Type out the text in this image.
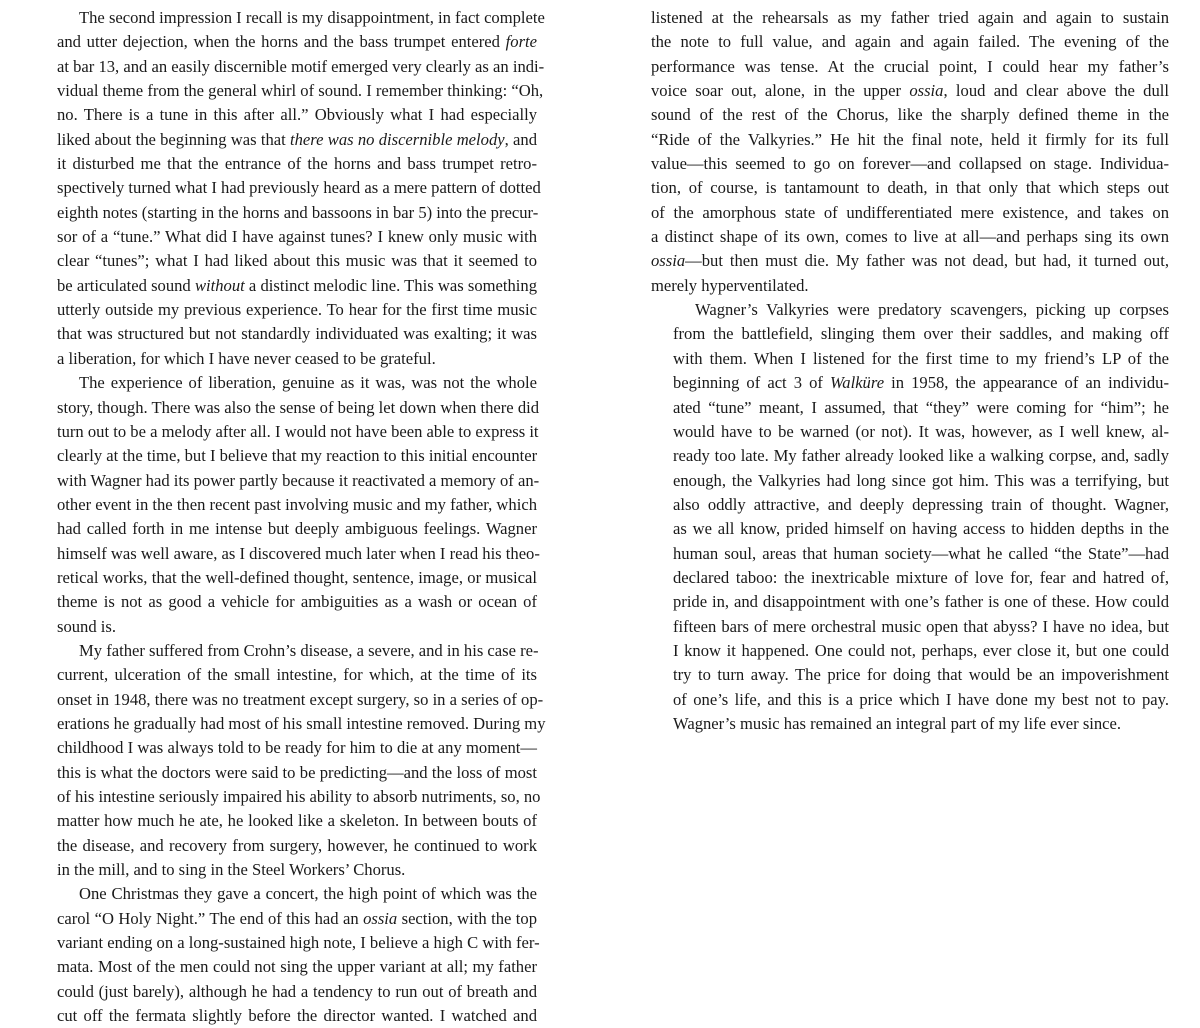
The second impression I recall is my disappointment, in fact complete
and utter dejection, when the horns and the bass trumpet entered forte
at bar 13, and an easily discernible motif emerged very clearly as an indi-
vidual theme from the general whirl of sound. I remember thinking: “Oh,
no. There is a tune in this after all.” Obviously what I had especially
liked about the beginning was that there was no discernible melody, and
it disturbed me that the entrance of the horns and bass trumpet retro-
spectively turned what I had previously heard as a mere pattern of dotted
eighth notes (starting in the horns and bassoons in bar 5) into the precur-
sor of a “tune.” What did I have against tunes? I knew only music with
clear “tunes”; what I had liked about this music was that it seemed to
be articulated sound without a distinct melodic line. This was something
utterly outside my previous experience. To hear for the first time music
that was structured but not standardly individuated was exalting; it was
a liberation, for which I have never ceased to be grateful.

The experience of liberation, genuine as it was, was not the whole
story, though. There was also the sense of being let down when there did
turn out to be a melody after all. I would not have been able to express it
clearly at the time, but I believe that my reaction to this initial encounter
with Wagner had its power partly because it reactivated a memory of an-
other event in the then recent past involving music and my father, which
had called forth in me intense but deeply ambiguous feelings. Wagner
himself was well aware, as I discovered much later when I read his theo-
retical works, that the well-defined thought, sentence, image, or musical
theme is not as good a vehicle for ambiguities as a wash or ocean of
sound is.

My father suffered from Crohn’s disease, a severe, and in his case re-
current, ulceration of the small intestine, for which, at the time of its
onset in 1948, there was no treatment except surgery, so in a series of op-
erations he gradually had most of his small intestine removed. During my
childhood I was always told to be ready for him to die at any moment—
this is what the doctors were said to be predicting—and the loss of most
of his intestine seriously impaired his ability to absorb nutriments, so, no
matter how much he ate, he looked like a skeleton. In between bouts of
the disease, and recovery from surgery, however, he continued to work
in the mill, and to sing in the Steel Workers’ Chorus.

One Christmas they gave a concert, the high point of which was the
carol “O Holy Night.” The end of this had an ossia section, with the top
variant ending on a long-sustained high note, I believe a high C with fer-
mata. Most of the men could not sing the upper variant at all; my father
could (just barely), although he had a tendency to run out of breath and
cut off the fermata slightly before the director wanted. I watched and

listened at the rehearsals as my father tried again and again to sustain
the note to full value, and again and again failed. The evening of the
performance was tense. At the crucial point, I could hear my father’s
voice soar out, alone, in the upper ossia, loud and clear above the dull
sound of the rest of the Chorus, like the sharply defined theme in the
“Ride of the Valkyries.” He hit the final note, held it firmly for its full
value—this seemed to go on forever—and collapsed on stage. Individua-
tion, of course, is tantamount to death, in that only that which steps out
of the amorphous state of undifferentiated mere existence, and takes on
a distinct shape of its own, comes to live at all—and perhaps sing its own
ossia—but then must die. My father was not dead, but had, it turned out,
merely hyperventilated.

Wagner’s Valkyries were predatory scavengers, picking up corpses
from the battlefield, slinging them over their saddles, and making off
with them. When I listened for the first time to my friend’s LP of the
beginning of act 3 of Walküre in 1958, the appearance of an individu-
ated “tune” meant, I assumed, that “they” were coming for “him”; he
would have to be warned (or not). It was, however, as I well knew, al-
ready too late. My father already looked like a walking corpse, and, sadly
enough, the Valkyries had long since got him. This was a terrifying, but
also oddly attractive, and deeply depressing train of thought. Wagner,
as we all know, prided himself on having access to hidden depths in the
human soul, areas that human society—what he called “the State”—had
declared taboo: the inextricable mixture of love for, fear and hatred of,
pride in, and disappointment with one’s father is one of these. How could
fifteen bars of mere orchestral music open that abyss? I have no idea, but
I know it happened. One could not, perhaps, ever close it, but one could
try to turn away. The price for doing that would be an impoverishment
of one’s life, and this is a price which I have done my best not to pay.
Wagner’s music has remained an integral part of my life ever since.
